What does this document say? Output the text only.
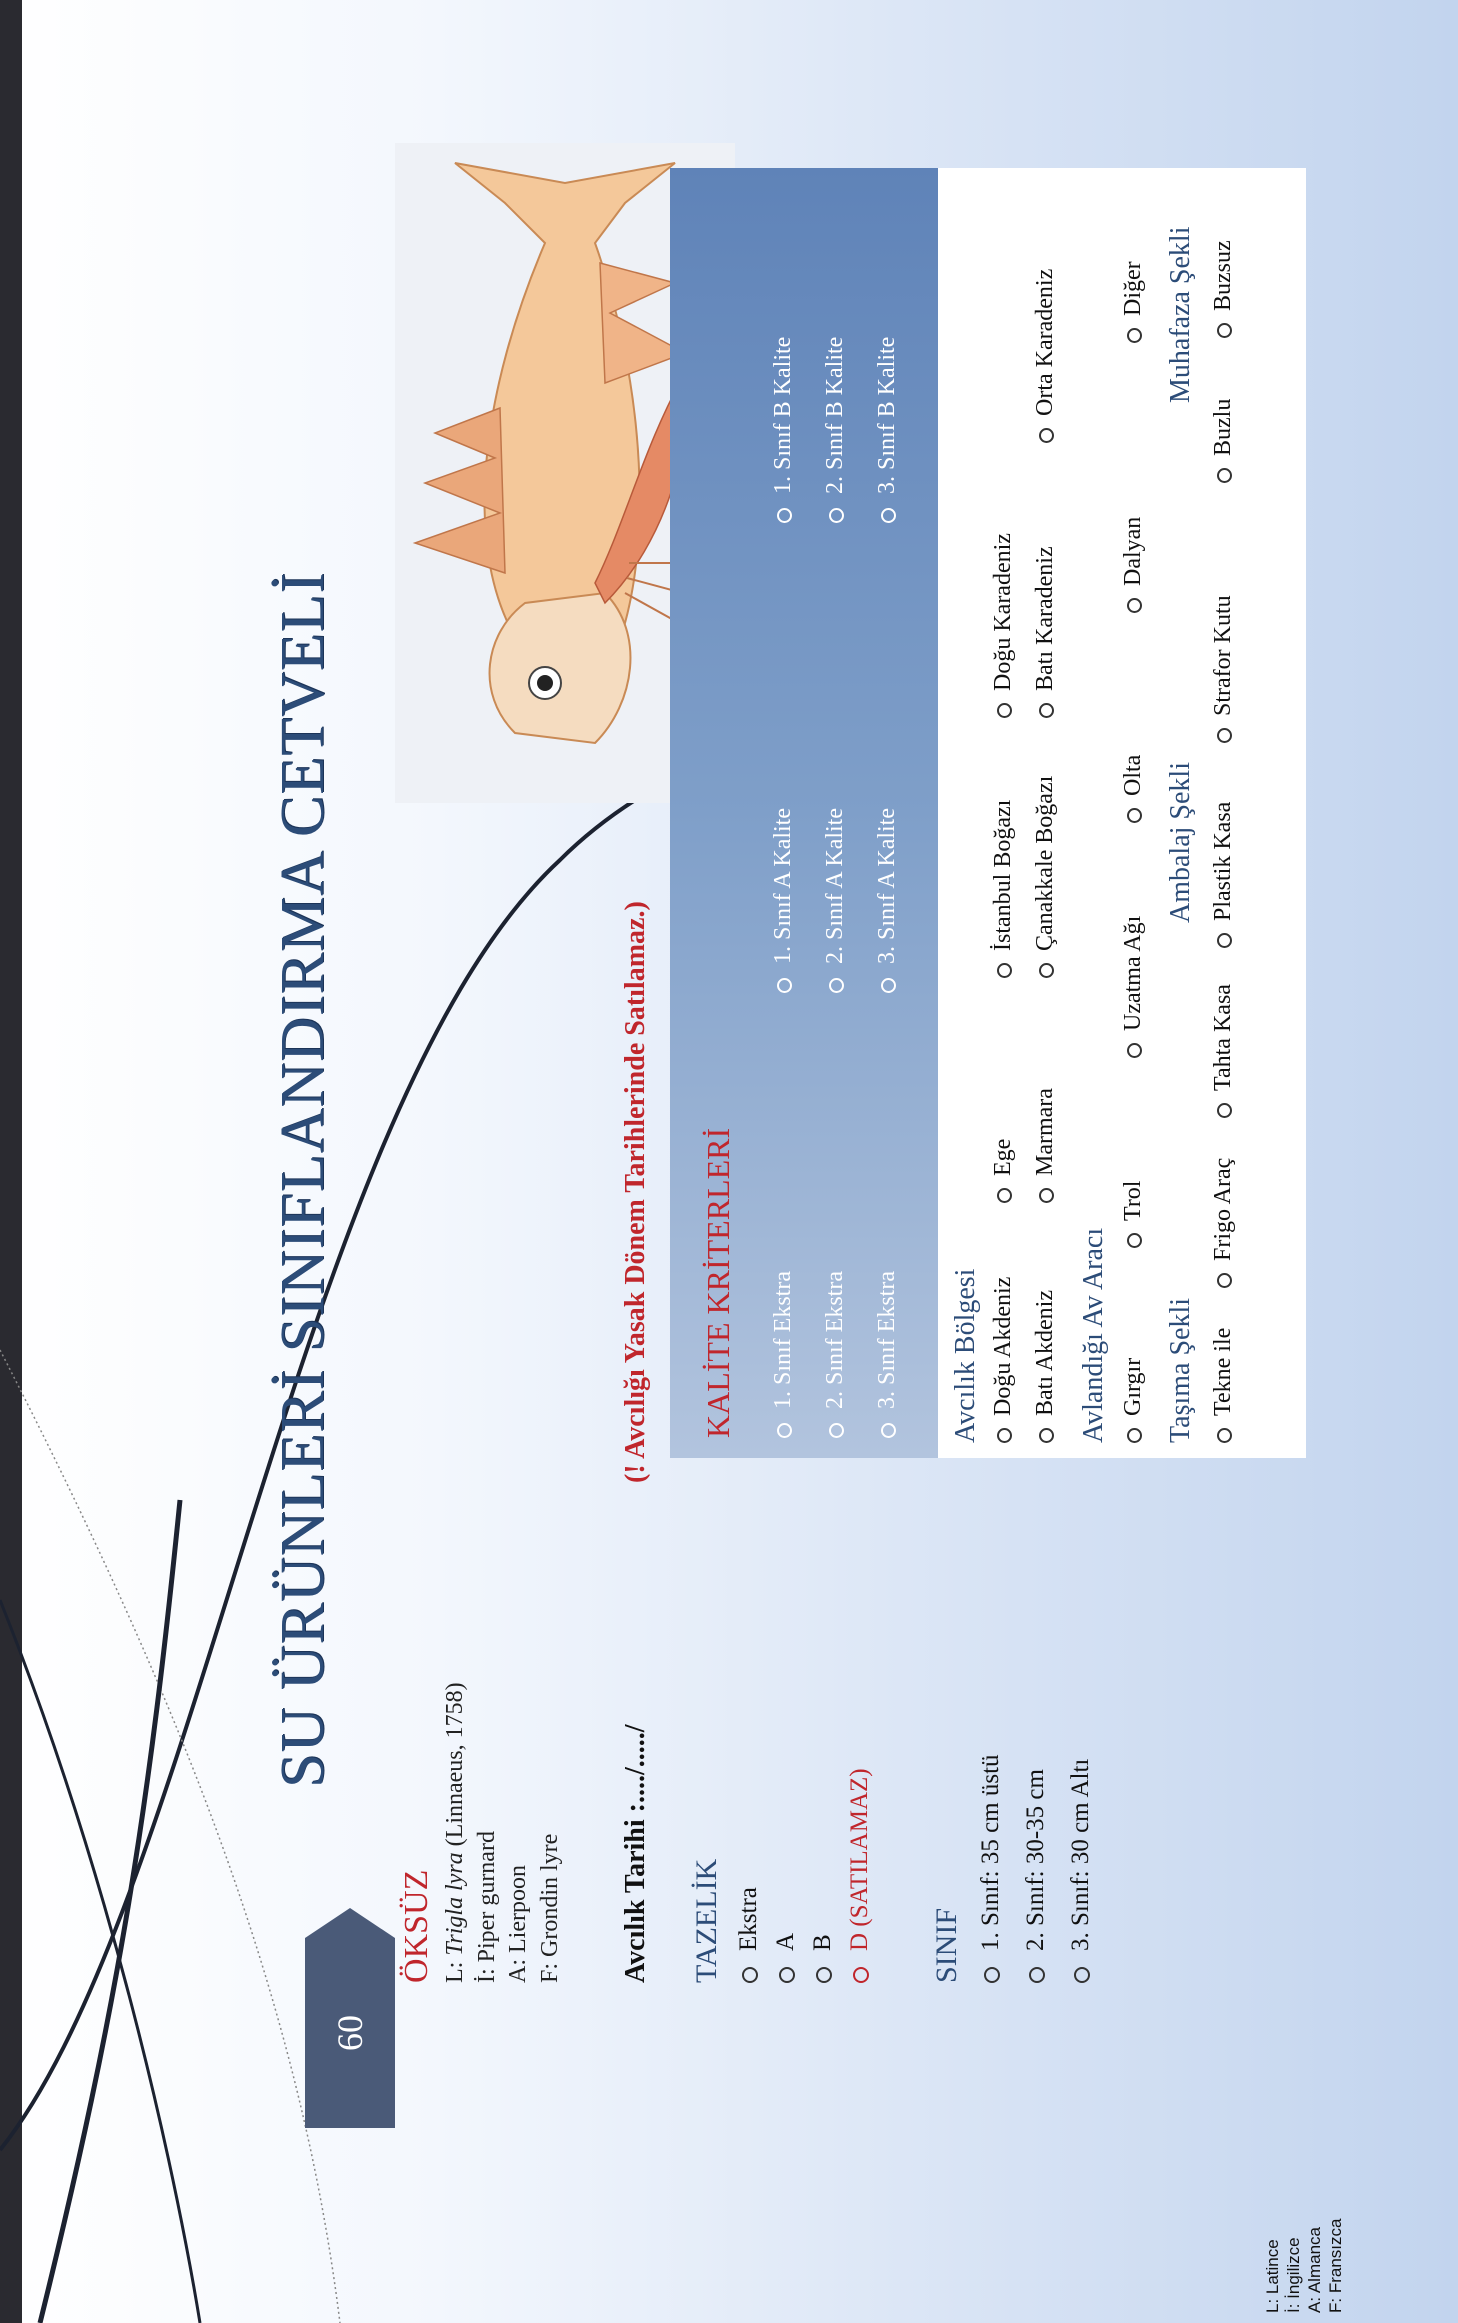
60
SU ÜRÜNLERİ SINIFLANDIRMA CETVELİ
ÖKSÜZ L: Trigla lyra (Linnaeus, 1758)
İ: Piper gurnard A: Lierpoon F: Grondin lyre Avcılık Tarihi :
..../...../
(! Avcılığı Yasak Dönem Tarihlerinde Satılamaz.)
TAZELİK Ekstra A B D (SATILAMAZ) SINIF 1. Sınıf: 35 cm üstü 2. Sınıf: 30-35 cm 3. Sınıf: 30 cm Altı
KALİTE KRİTERLERİ 1. Sınıf Ekstra
1. Sınıf A Kalite
1. Sınıf B Kalite
2. Sınıf Ekstra
2. Sınıf A Kalite
2. Sınıf B Kalite
3. Sınıf Ekstra
3. Sınıf A Kalite
3. Sınıf B Kalite
Avcılık Bölgesi Doğu Akdeniz
Ege
İstanbul Boğazı
Doğu Karadeniz
Batı Akdeniz
Marmara
Çanakkale Boğazı
Batı Karadeniz
Orta Karadeniz
Avlandığı Av Aracı Gırgır
Trol
Uzatma Ağı
Olta
Dalyan
Diğer
Taşıma Şekli
Ambalaj Şekli
Muhafaza Şekli
Tekne ile
Frigo Araç
Tahta Kasa
Plastik Kasa
Strafor Kutu
Buzlu
Buzsuz
L: Latince İ: İngilizce A: Almanca F: Fransızca
